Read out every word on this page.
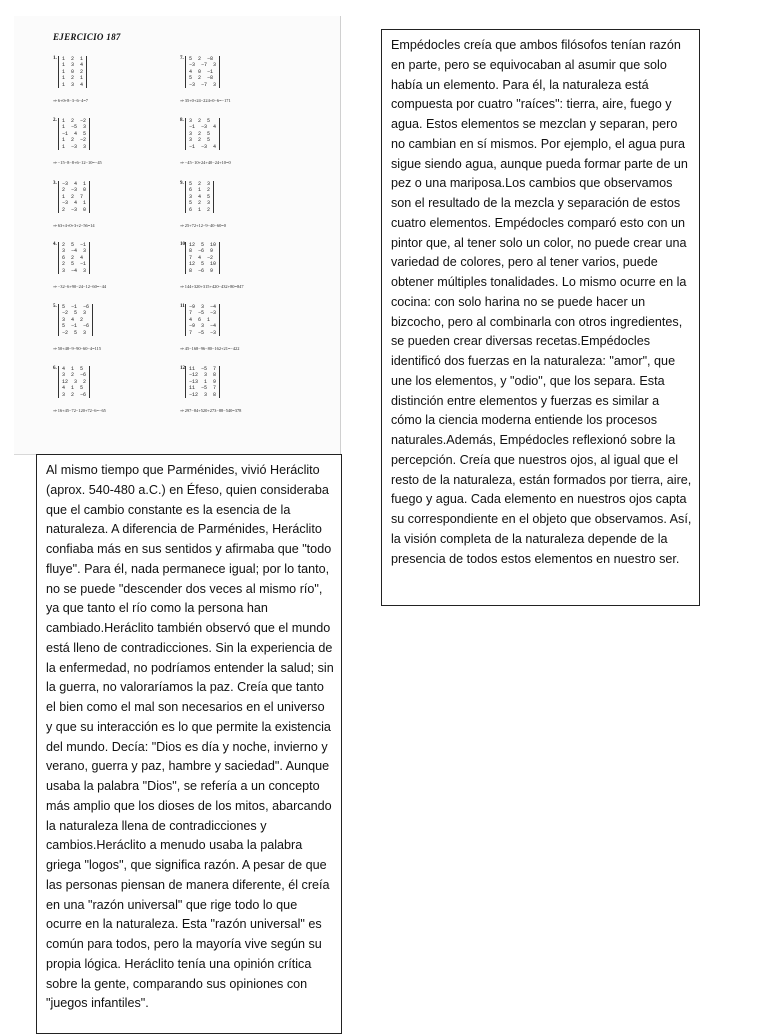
EJERCICIO 187
1.	1  2  1
1  3  4
1  0  2
1  2  1
1  3  4
⇒ 6+0+8−3−6−4=7
2.	1  2  −2
1  −5  3
−1  4  5
1  2  −2
1  −3  3
⇒ −15−8−8+6−12−10=−45
3.	−3  4  1
2  −3  0
1  2  7
−3  4  1
2  −3  0
⇒ 63+4+0+3+2−56=14
4.	2  5  −1
3  −4  3
6  2  4
2  5  −1
3  −4  3
⇒ −32−6+90−24−12−60=−44
5.	5  −1  −6
−2  5  3
3  4  2
5  −1  −6
−2  5  3
⇒ 50+48−9−90−60−4=115
6.	4  1  5
3  2  −6
12  3  2
4  1  5
3  2  −6
⇒ 16+45−72−120+72−6=−65
7.	5  2  −8
−3  −7  3
4  0  −1
5  2  −8
−3  −7  3
⇒ 35+0+24−224+0−6=−171
8.	3  2  5
−1  −3  4
3  2  5
3  2  5
−1  −3  4
⇒ −45−10+24+40−24+10=0
9.	5  2  3
6  1  2
3  4  5
5  2  3
6  1  2
⇒ 25+72+12−9−40−60=0
10. 12  5  10
8  −6  9
7  4  −2
12  5  10
8  −6  9
⇒ 144+320+315+420−432+80=847
11. −9  3  −4
7  −5  −3
4  6  1
−9  3  −4
7  −5  −3
⇒ 45−168−96−80−162+21=−422
12. 11  −5  7
−12  3  8
−13  1  9
11  −5  7
−12  3  8
⇒ 297−84+520+273−88−540=378
Empédocles creía que ambos filósofos tenían razón en parte, pero se equivocaban al asumir que solo había un elemento. Para él, la naturaleza está compuesta por cuatro "raíces": tierra, aire, fuego y agua. Estos elementos se mezclan y separan, pero no cambian en sí mismos. Por ejemplo, el agua pura sigue siendo agua, aunque pueda formar parte de un pez o una mariposa.Los cambios que observamos son el resultado de la mezcla y separación de estos cuatro elementos. Empédocles comparó esto con un pintor que, al tener solo un color, no puede crear una variedad de colores, pero al tener varios, puede obtener múltiples tonalidades. Lo mismo ocurre en la cocina: con solo harina no se puede hacer un bizcocho, pero al combinarla con otros ingredientes, se pueden crear diversas recetas.Empédocles identificó dos fuerzas en la naturaleza: "amor", que une los elementos, y "odio", que los separa. Esta distinción entre elementos y fuerzas es similar a cómo la ciencia moderna entiende los procesos naturales.Además, Empédocles reflexionó sobre la percepción. Creía que nuestros ojos, al igual que el resto de la naturaleza, están formados por tierra, aire, fuego y agua. Cada elemento en nuestros ojos capta su correspondiente en el objeto que observamos. Así, la visión completa de la naturaleza depende de la presencia de todos estos elementos en nuestro ser.
Al mismo tiempo que Parménides, vivió Heráclito (aprox. 540-480 a.C.) en Éfeso, quien consideraba que el cambio constante es la esencia de la naturaleza. A diferencia de Parménides, Heráclito confiaba más en sus sentidos y afirmaba que "todo fluye". Para él, nada permanece igual; por lo tanto, no se puede "descender dos veces al mismo río", ya que tanto el río como la persona han cambiado.Heráclito también observó que el mundo está lleno de contradicciones. Sin la experiencia de la enfermedad, no podríamos entender la salud; sin la guerra, no valoraríamos la paz. Creía que tanto el bien como el mal son necesarios en el universo y que su interacción es lo que permite la existencia del mundo. Decía: "Dios es día y noche, invierno y verano, guerra y paz, hambre y saciedad". Aunque usaba la palabra "Dios", se refería a un concepto más amplio que los dioses de los mitos, abarcando la naturaleza llena de contradicciones y cambios.Heráclito a menudo usaba la palabra griega "logos", que significa razón. A pesar de que las personas piensan de manera diferente, él creía en una "razón universal" que rige todo lo que ocurre en la naturaleza. Esta "razón universal" es común para todos, pero la mayoría vive según su propia lógica. Heráclito tenía una opinión crítica sobre la gente, comparando sus opiniones con "juegos infantiles".
